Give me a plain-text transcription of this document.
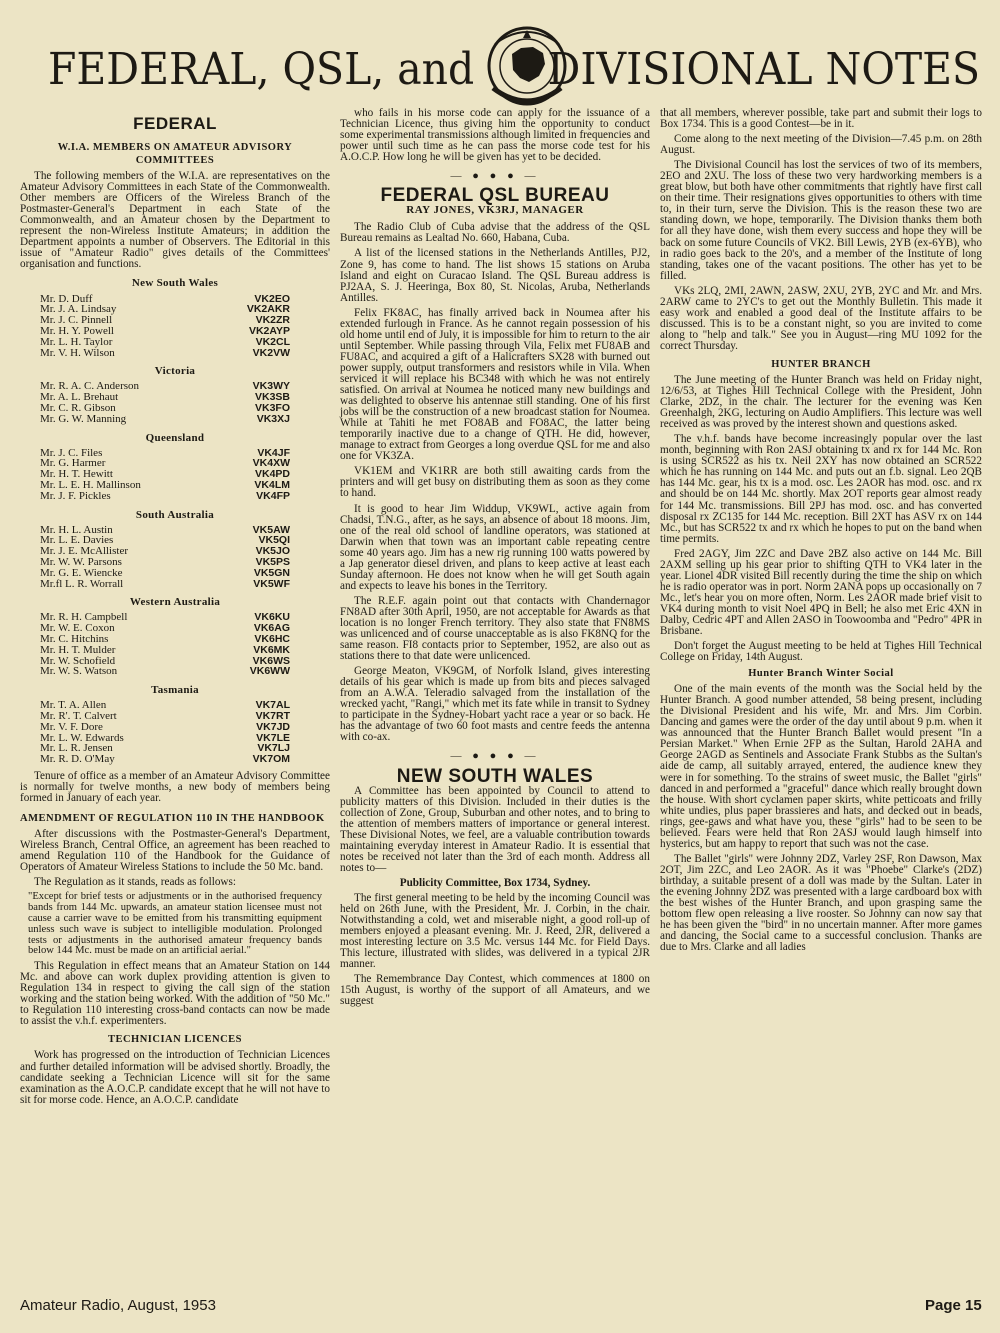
FEDERAL, QSL, and DIVISIONAL NOTES
FEDERAL
W.I.A. MEMBERS ON AMATEUR ADVISORY COMMITTEES

The following members of the W.I.A. are representatives on the Amateur Advisory Committees in each State of the Commonwealth. Other members are Officers of the Wireless Branch of the Postmaster-General's Department in each State of the Commonwealth, and an Amateur chosen by the Department to represent the non-Wireless Institute Amateurs; in addition the Department appoints a number of Observers. The Editorial in this issue of "Amateur Radio" gives details of the Committees' organisation and functions.

New South Wales
Mr. D. Duff	VK2EO
Mr. J. A. Lindsay	VK2AKR
Mr. J. C. Pinnell	VK2ZR
Mr. H. Y. Powell	VK2AYP
Mr. L. H. Taylor	VK2CL
Mr. V. H. Wilson	VK2VW
Victoria
Mr. R. A. C. Anderson	VK3WY
Mr. A. L. Brehaut	VK3SB
Mr. C. R. Gibson	VK3FO
Mr. G. W. Manning	VK3XJ
Queensland
Mr. J. C. Files	VK4JF
Mr. G. Harmer	VK4XW
Mr. H. T. Hewitt	VK4PD
Mr. L. E. H. Mallinson	VK4LM
Mr. J. F. Pickles	VK4FP
South Australia
Mr. H. L. Austin	VK5AW
Mr. L. E. Davies	VK5QI
Mr. J. E. McAllister	VK5JO
Mr. W. W. Parsons	VK5PS
Mr. G. E. Wiencke	VK5GN
Mr.fl L. R. Worrall	VK5WF
Western Australia
Mr. R. H. Campbell	VK6KU
Mr. W. E. Coxon	VK6AG
Mr. C. Hitchins	VK6HC
Mr. H. T. Mulder	VK6MK
Mr. W. Schofield	VK6WS
Mr. W. S. Watson	VK6WW
Tasmania
Mr. T. A. Allen	VK7AL
Mr. R'. T. Calvert	VK7RT
Mr. V. F. Dore	VK7JD
Mr. L. W. Edwards	VK7LE
Mr. L. R. Jensen	VK7LJ
Mr. R. D. O'May	VK7OM

Tenure of office as a member of an Amateur Advisory Committee is normally for twelve months, a new body of members being formed in January of each year.

AMENDMENT OF REGULATION 110 IN THE HANDBOOK

After discussions with the Postmaster-General's Department, Wireless Branch, Central Office, an agreement has been reached to amend Regulation 110 of the Handbook for the Guidance of Operators of Amateur Wireless Stations to include the 50 Mc. band.

The Regulation as it stands, reads as follows:

"Except for brief tests or adjustments or in the authorised frequency bands from 144 Mc. upwards, an amateur station licensee must not cause a carrier wave to be emitted from his transmitting equipment unless such wave is subject to intelligible modulation. Prolonged tests or adjustments in the authorised amateur frequency bands below 144 Mc. must be made on an artificial aerial."

This Regulation in effect means that an Amateur Station on 144 Mc. and above can work duplex providing attention is given to Regulation 134 in respect to giving the call sign of the station working and the station being worked. With the addition of "50 Mc." to Regulation 110 interesting cross-band contacts can now be made to assist the v.h.f. experimenters.

TECHNICIAN LICENCES

Work has progressed on the introduction of Technician Licences and further detailed information will be advised shortly. Broadly, the candidate seeking a Technician Licence will sit for the same examination as the A.O.C.P. candidate except that he will not have to sit for morse code. Hence, an A.O.C.P. candidate

who fails in his morse code can apply for the issuance of a Technician Licence, thus giving him the opportunity to conduct some experimental transmissions although limited in frequencies and power until such time as he can pass the morse code test for his A.O.C.P. How long he will be given has yet to be decided.

— ● ● ● —
FEDERAL QSL BUREAU
RAY JONES, VK3RJ, MANAGER

The Radio Club of Cuba advise that the address of the QSL Bureau remains as Lealtad No. 660, Habana, Cuba.

A list of the licensed stations in the Netherlands Antilles, PJ2, Zone 9, has come to hand. The list shows 15 stations on Aruba Island and eight on Curacao Island. The QSL Bureau address is PJ2AA, S. J. Heeringa, Box 80, St. Nicolas, Aruba, Netherlands Antilles.

Felix FK8AC, has finally arrived back in Noumea after his extended furlough in France. As he cannot regain possession of his old home until end of July, it is impossible for him to return to the air until September. While passing through Vila, Felix met FU8AB and FU8AC, and acquired a gift of a Halicrafters SX28 with burned out power supply, output transformers and resistors while in Vila. When serviced it will replace his BC348 with which he was not entirely satisfied. On arrival at Noumea he noticed many new buildings and was delighted to observe his antennae still standing. One of his first jobs will be the construction of a new broadcast station for Noumea. While at Tahiti he met FO8AB and FO8AC, the latter being temporarily inactive due to a change of QTH. He did, however, manage to extract from Georges a long overdue QSL for me and also one for VK3ZA.

VK1EM and VK1RR are both still awaiting cards from the printers and will get busy on distributing them as soon as they come to hand.

It is good to hear Jim Widdup, VK9WL, active again from Chadsi, T.N.G., after, as he says, an absence of about 18 moons. Jim, one of the real old school of landline operators, was stationed at Darwin when that town was an important cable repeating centre some 40 years ago. Jim has a new rig running 100 watts powered by a Jap generator diesel driven, and plans to keep active at least each Sunday afternoon. He does not know when he will get South again and expects to leave his bones in the Territory.

The R.E.F. again point out that contacts with Chandernagor FN8AD after 30th April, 1950, are not acceptable for Awards as that location is no longer French territory. They also state that FN8MS was unlicenced and of course unacceptable as is also FK8NQ for the same reason. FI8 contacts prior to September, 1952, are also out as stations there to that date were unlicenced.

George Meaton, VK9GM, of Norfolk Island, gives interesting details of his gear which is made up from bits and pieces salvaged from an A.W.A. Teleradio salvaged from the installation of the wrecked yacht, "Rangi," which met its fate while in transit to Sydney to participate in the Sydney-Hobart yacht race a year or so back. He has the advantage of two 60 foot masts and centre feeds the antenna with co-ax.

— ● ● ● —
NEW SOUTH WALES

A Committee has been appointed by Council to attend to publicity matters of this Division. Included in their duties is the collection of Zone, Group, Suburban and other notes, and to bring to the attention of members matters of importance or general interest. These Divisional Notes, we feel, are a valuable contribution towards maintaining everyday interest in Amateur Radio. It is essential that notes be received not later than the 3rd of each month. Address all notes to—

Publicity Committee, Box 1734, Sydney.

The first general meeting to be held by the incoming Council was held on 26th June, with the President, Mr. J. Corbin, in the chair. Notwithstanding a cold, wet and miserable night, a good roll-up of members enjoyed a pleasant evening. Mr. J. Reed, 2JR, delivered a most interesting lecture on 3.5 Mc. versus 144 Mc. for Field Days. This lecture, illustrated with slides, was delivered in a typical 2JR manner.

The Remembrance Day Contest, which commences at 1800 on 15th August, is worthy of the support of all Amateurs, and we suggest

that all members, wherever possible, take part and submit their logs to Box 1734. This is a good Contest—be in it.

Come along to the next meeting of the Division—7.45 p.m. on 28th August.

The Divisional Council has lost the services of two of its members, 2EO and 2XU. The loss of these two very hardworking members is a great blow, but both have other commitments that rightly have first call on their time. Their resignations gives opportunities to others with time to, in their turn, serve the Division. This is the reason these two are standing down, we hope, temporarily. The Division thanks them both for all they have done, wish them every success and hope they will be back on some future Councils of VK2. Bill Lewis, 2YB (ex-6YB), who in radio goes back to the 20's, and a member of the Institute of long standing, takes one of the vacant positions. The other has yet to be filled.

VKs 2LQ, 2MI, 2AWN, 2ASW, 2XU, 2YB, 2YC and Mr. and Mrs. 2ARW came to 2YC's to get out the Monthly Bulletin. This made it easy work and enabled a good deal of the Institute affairs to be discussed. This is to be a constant night, so you are invited to come along to "help and talk." See you in August—ring MU 1092 for the correct Thursday.

HUNTER BRANCH

The June meeting of the Hunter Branch was held on Friday night, 12/6/53, at Tighes Hill Technical College with the President, John Clarke, 2DZ, in the chair. The lecturer for the evening was Ken Greenhalgh, 2KG, lecturing on Audio Amplifiers. This lecture was well received as was proved by the interest shown and questions asked.

The v.h.f. bands have become increasingly popular over the last month, beginning with Ron 2ASJ obtaining tx and rx for 144 Mc. Ron is using SCR522 as his tx. Neil 2XY has now obtained an SCR522 which he has running on 144 Mc. and puts out an f.b. signal. Leo 2QB has 144 Mc. gear, his tx is a mod. osc. Les 2AOR has mod. osc. and rx and should be on 144 Mc. shortly. Max 2OT reports gear almost ready for 144 Mc. transmissions. Bill 2PJ has mod. osc. and has converted disposal rx ZC135 for 144 Mc. reception. Bill 2XT has ASV rx on 144 Mc., but has SCR522 tx and rx which he hopes to put on the band when time permits.

Fred 2AGY, Jim 2ZC and Dave 2BZ also active on 144 Mc. Bill 2AXM selling up his gear prior to shifting QTH to VK4 later in the year. Lionel 4DR visited Bill recently during the time the ship on which he is radio operator was in port. Norm 2ANA pops up occasionally on 7 Mc., let's hear you on more often, Norm. Les 2AOR made brief visit to VK4 during month to visit Noel 4PQ in Bell; he also met Eric 4XN in Dalby, Cedric 4PT and Allen 2ASO in Toowoomba and "Pedro" 4PR in Brisbane.

Don't forget the August meeting to be held at Tighes Hill Technical College on Friday, 14th August.

Hunter Branch Winter Social

One of the main events of the month was the Social held by the Hunter Branch. A good number attended, 58 being present, including the Divisional President and his wife, Mr. and Mrs. Jim Corbin. Dancing and games were the order of the day until about 9 p.m. when it was announced that the Hunter Branch Ballet would present "In a Persian Market." When Ernie 2FP as the Sultan, Harold 2AHA and George 2AGD as Sentinels and Associate Frank Stubbs as the Sultan's aide de camp, all suitably arrayed, entered, the audience knew they were in for something. To the strains of sweet music, the Ballet "girls" danced in and performed a "graceful" dance which really brought down the house. With short cyclamen paper skirts, white petticoats and frilly white undies, plus paper brassieres and hats, and decked out in beads, rings, gee-gaws and what have you, these "girls" had to be seen to be believed. Fears were held that Ron 2ASJ would laugh himself into hysterics, but am happy to report that such was not the case.

The Ballet "girls" were Johnny 2DZ, Varley 2SF, Ron Dawson, Max 2OT, Jim 2ZC, and Leo 2AOR. As it was "Phoebe" Clarke's (2DZ) birthday, a suitable present of a doll was made by the Sultan. Later in the evening Johnny 2DZ was presented with a large cardboard box with the best wishes of the Hunter Branch, and upon grasping same the bottom flew open releasing a live rooster. So Johnny can now say that he has been given the "bird" in no uncertain manner. After more games and dancing, the Social came to a successful conclusion. Thanks are due to Mrs. Clarke and all ladies

Amateur Radio, August, 1953	Page 15
